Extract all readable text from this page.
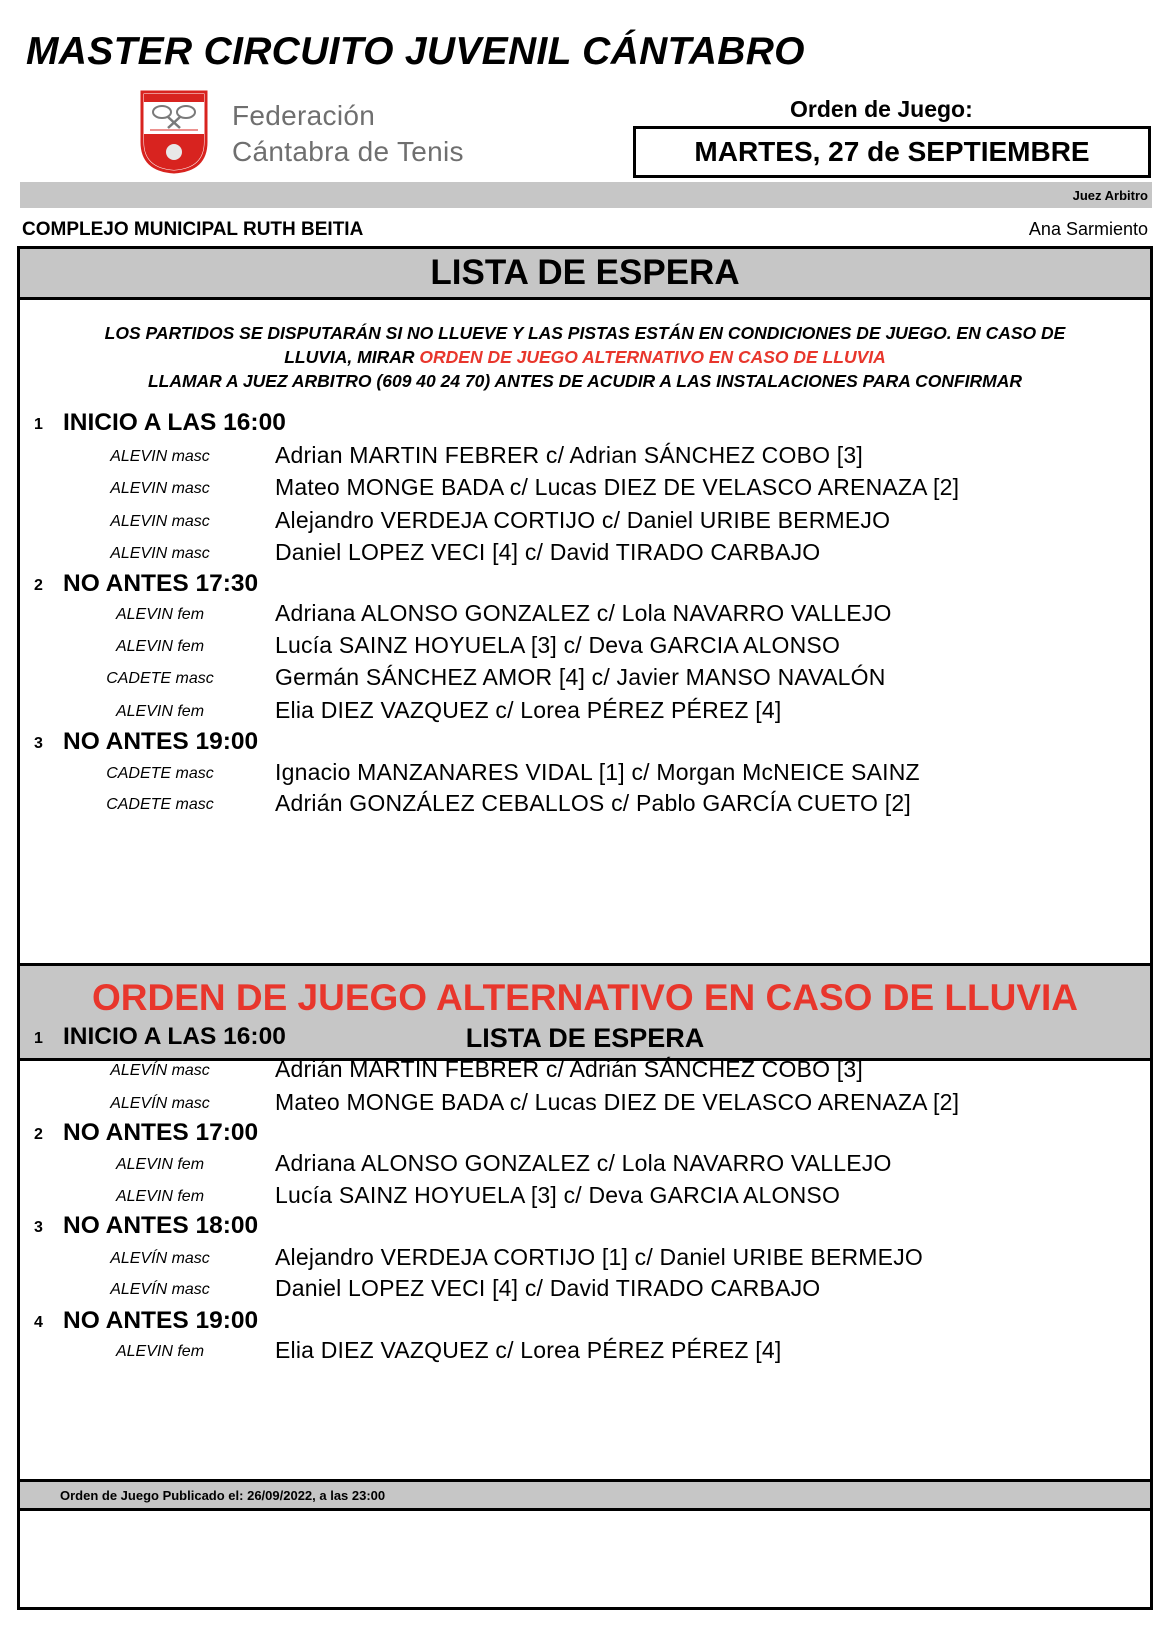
MASTER CIRCUITO JUVENIL CÁNTABRO
Federación
Cántabra de Tenis
Orden de Juego:
MARTES, 27 de SEPTIEMBRE
Juez Arbitro
COMPLEJO MUNICIPAL RUTH BEITIA	Ana Sarmiento
LISTA DE ESPERA
LOS PARTIDOS SE DISPUTARÁN SI NO LLUEVE Y LAS PISTAS ESTÁN EN CONDICIONES DE JUEGO. EN CASO DE
LLUVIA, MIRAR ORDEN DE JUEGO ALTERNATIVO EN CASO DE LLUVIA
LLAMAR A JUEZ ARBITRO (609 40 24 70) ANTES DE ACUDIR A LAS INSTALACIONES PARA CONFIRMAR
1 INICIO A LAS 16:00
ALEVIN masc	Adrian MARTIN FEBRER c/ Adrian SÁNCHEZ COBO [3]
ALEVIN masc	Mateo MONGE BADA c/ Lucas DIEZ DE VELASCO ARENAZA [2]
ALEVIN masc	Alejandro VERDEJA CORTIJO c/ Daniel URIBE BERMEJO
ALEVIN masc	Daniel LOPEZ VECI [4] c/ David TIRADO CARBAJO
2 NO ANTES 17:30
ALEVIN fem	Adriana ALONSO GONZALEZ c/ Lola NAVARRO VALLEJO
ALEVIN fem	Lucía SAINZ HOYUELA [3] c/ Deva GARCIA ALONSO
CADETE masc	Germán SÁNCHEZ AMOR [4] c/ Javier MANSO NAVALÓN
ALEVIN fem	Elia DIEZ VAZQUEZ c/ Lorea PÉREZ PÉREZ [4]
3 NO ANTES 19:00
CADETE masc	Ignacio MANZANARES VIDAL [1] c/ Morgan McNEICE SAINZ
CADETE masc	Adrián GONZÁLEZ CEBALLOS c/ Pablo GARCÍA CUETO [2]
ORDEN DE JUEGO ALTERNATIVO EN CASO DE LLUVIA
LISTA DE ESPERA
1 INICIO A LAS 16:00
ALEVÍN masc	Adrián MARTIN FEBRER c/ Adrián SÁNCHEZ COBO [3]
ALEVÍN masc	Mateo MONGE BADA c/ Lucas DIEZ DE VELASCO ARENAZA [2]
2 NO ANTES 17:00
ALEVIN fem	Adriana ALONSO GONZALEZ c/ Lola NAVARRO VALLEJO
ALEVIN fem	Lucía SAINZ HOYUELA [3] c/ Deva GARCIA ALONSO
3 NO ANTES 18:00
ALEVÍN masc	Alejandro VERDEJA CORTIJO [1] c/ Daniel URIBE BERMEJO
ALEVÍN masc	Daniel LOPEZ VECI [4] c/ David TIRADO CARBAJO
4 NO ANTES 19:00
ALEVIN fem	Elia DIEZ VAZQUEZ c/ Lorea PÉREZ PÉREZ [4]
Orden de Juego Publicado el: 26/09/2022, a las 23:00
